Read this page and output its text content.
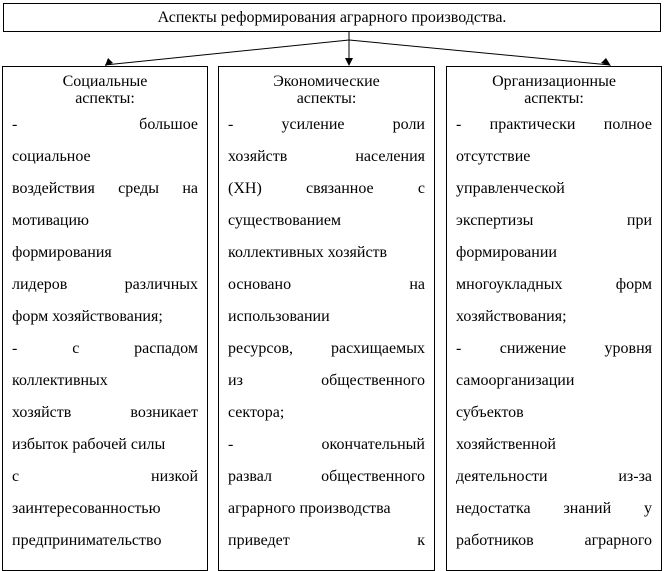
Аспекты реформирования аграрного производства.
Социальные
аспекты:
-	большое
социальное
воздействия среды на
мотивацию
формирования
лидеров	различных
форм хозяйствования;
-	с	распадом
коллективных
хозяйств	возникает
избыток рабочей силы
с	низкой
заинтересованностью
предпринимательство
Экономические
аспекты:
-	усиление	роли
хозяйств	населения
(ХН)	связанное	с
существованием
коллективных хозяйств
основано	на
использовании
ресурсов, расхищаемых
из	общественного
сектора;
-	окончательный
развал	общественного
аграрного производства
приведет	к
Организационные
аспекты:
- практически полное
отсутствие
управленческой
экспертизы	при
формировании
многоукладных	форм
хозяйствования;
- снижение уровня
самоорганизации
субъектов
хозяйственной
деятельности	из-за
недостатка знаний у
работников	аграрного
